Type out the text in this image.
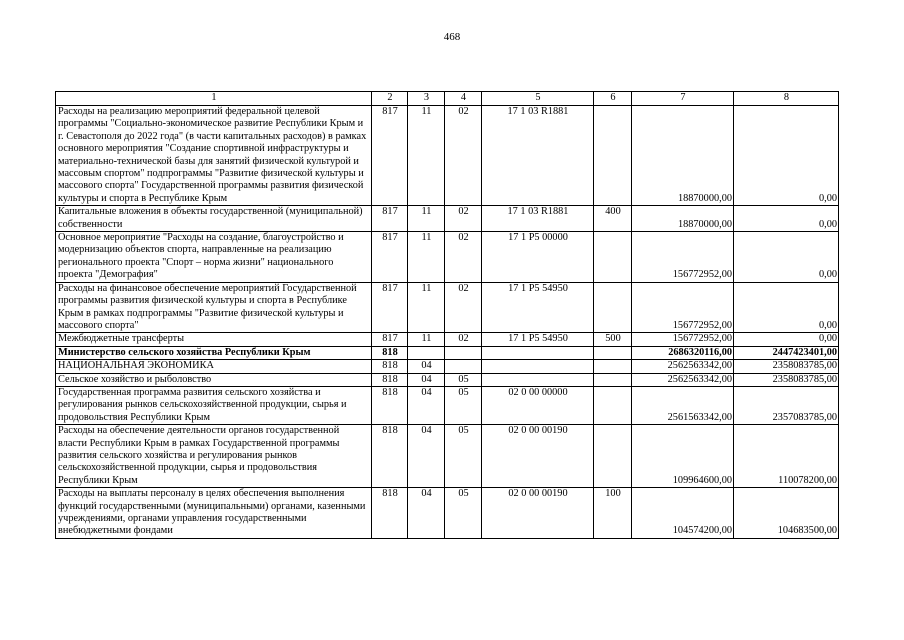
468
1	2	3	4	5	6	7	8
Расходы на реализацию мероприятий федеральной целевой программы "Социально-экономическое развитие Республики Крым и г. Севастополя до 2022 года" (в части капитальных расходов) в рамках основного мероприятия "Создание спортивной инфраструктуры и материально-технической базы для занятий физической культурой и массовым спортом" подпрограммы "Развитие физической культуры и массового спорта" Государственной программы развития физической культуры и спорта в Республике Крым	817	11	02	17 1 03 R1881		18870000,00	0,00
Капитальные вложения в объекты государственной (муниципальной) собственности	817	11	02	17 1 03 R1881	400	18870000,00	0,00
Основное мероприятие "Расходы на создание, благоустройство и модернизацию объектов спорта, направленные на реализацию регионального проекта "Спорт – норма жизни" национального проекта "Демография"	817	11	02	17 1 P5 00000		156772952,00	0,00
Расходы на финансовое обеспечение мероприятий Государственной программы развития физической культуры и спорта в Республике Крым в рамках подпрограммы "Развитие физической культуры и массового спорта"	817	11	02	17 1 P5 54950		156772952,00	0,00
Межбюджетные трансферты	817	11	02	17 1 P5 54950	500	156772952,00	0,00
Министерство сельского хозяйства Республики Крым	818					2686320116,00	2447423401,00
НАЦИОНАЛЬНАЯ ЭКОНОМИКА	818	04				2562563342,00	2358083785,00
Сельское хозяйство и рыболовство	818	04	05			2562563342,00	2358083785,00
Государственная программа развития сельского хозяйства и регулирования рынков сельскохозяйственной продукции, сырья и продовольствия Республики Крым	818	04	05	02 0 00 00000		2561563342,00	2357083785,00
Расходы на обеспечение деятельности органов государственной власти Республики Крым в рамках Государственной программы развития сельского хозяйства и регулирования рынков сельскохозяйственной продукции, сырья и продовольствия Республики Крым	818	04	05	02 0 00 00190		109964600,00	110078200,00
Расходы на выплаты персоналу в целях обеспечения выполнения функций государственными (муниципальными) органами, казенными учреждениями, органами управления государственными внебюджетными фондами	818	04	05	02 0 00 00190	100	104574200,00	104683500,00
